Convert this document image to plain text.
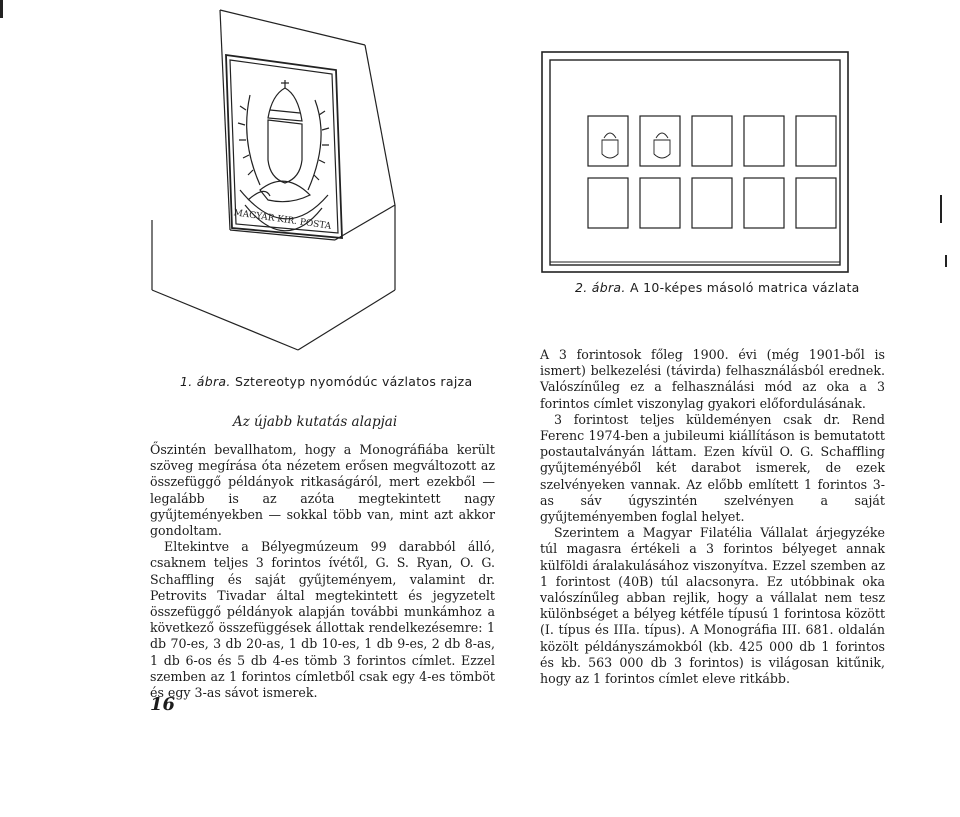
MAGYAR KIR. POSTA
2. ábra. A 10-képes másoló matrica vázlata
1. ábra. Sztereotyp nyomódúc vázlatos rajza
Az újabb kutatás alapjai

Őszintén bevallhatom, hogy a Monográfiába került szöveg megírása óta nézetem erősen megváltozott az összefüggő példányok ritkaságáról, mert ezekből — legalább is az azóta megtekintett nagy gyűjteményekben — sokkal több van, mint azt akkor gondoltam.

Eltekintve a Bélyegmúzeum 99 darabból álló, csaknem teljes 3 forintos ívétől, G. S. Ryan, O. G. Schaffling és saját gyűjteményem, valamint dr. Petrovits Tivadar által megtekintett és jegyzetelt összefüggő példányok alapján további munkámhoz a következő összefüggések állottak rendelkezésemre: 1 db 70-es, 3 db 20-as, 1 db 10-es, 1 db 9-es, 2 db 8-as, 1 db 6-os és 5 db 4-es tömb 3 forintos címlet. Ezzel szemben az 1 forintos címletből csak egy 4-es tömböt és egy 3-as sávot ismerek.

A 3 forintosok főleg 1900. évi (még 1901-ből is ismert) belkezelési (távirda) felhasználásból erednek. Valószínűleg ez a felhasználási mód az oka a 3 forintos címlet viszonylag gyakori előfordulásának.

3 forintost teljes küldeményen csak dr. Rend Ferenc 1974-ben a jubileumi kiállításon is bemutatott postautalványán láttam. Ezen kívül O. G. Schaffling gyűjteményéből két darabot ismerek, de ezek szelvényeken vannak. Az előbb említett 1 forintos 3-as sáv úgyszintén szelvényen a saját gyűjteményemben foglal helyet.

Szerintem a Magyar Filatélia Vállalat árjegyzéke túl magasra értékeli a 3 forintos bélyeget annak külföldi áralakulásához viszonyítva. Ezzel szemben az 1 forintost (40B) túl alacsonyra. Ez utóbbinak oka valószínűleg abban rejlik, hogy a vállalat nem tesz különbséget a bélyeg kétféle típusú 1 forintosa között (I. típus és IIIa. típus). A Monográfia III. 681. oldalán közölt példányszámokból (kb. 425 000 db 1 forintos és kb. 563 000 db 3 forintos) is világosan kitűnik, hogy az 1 forintos címlet eleve ritkább.

16
